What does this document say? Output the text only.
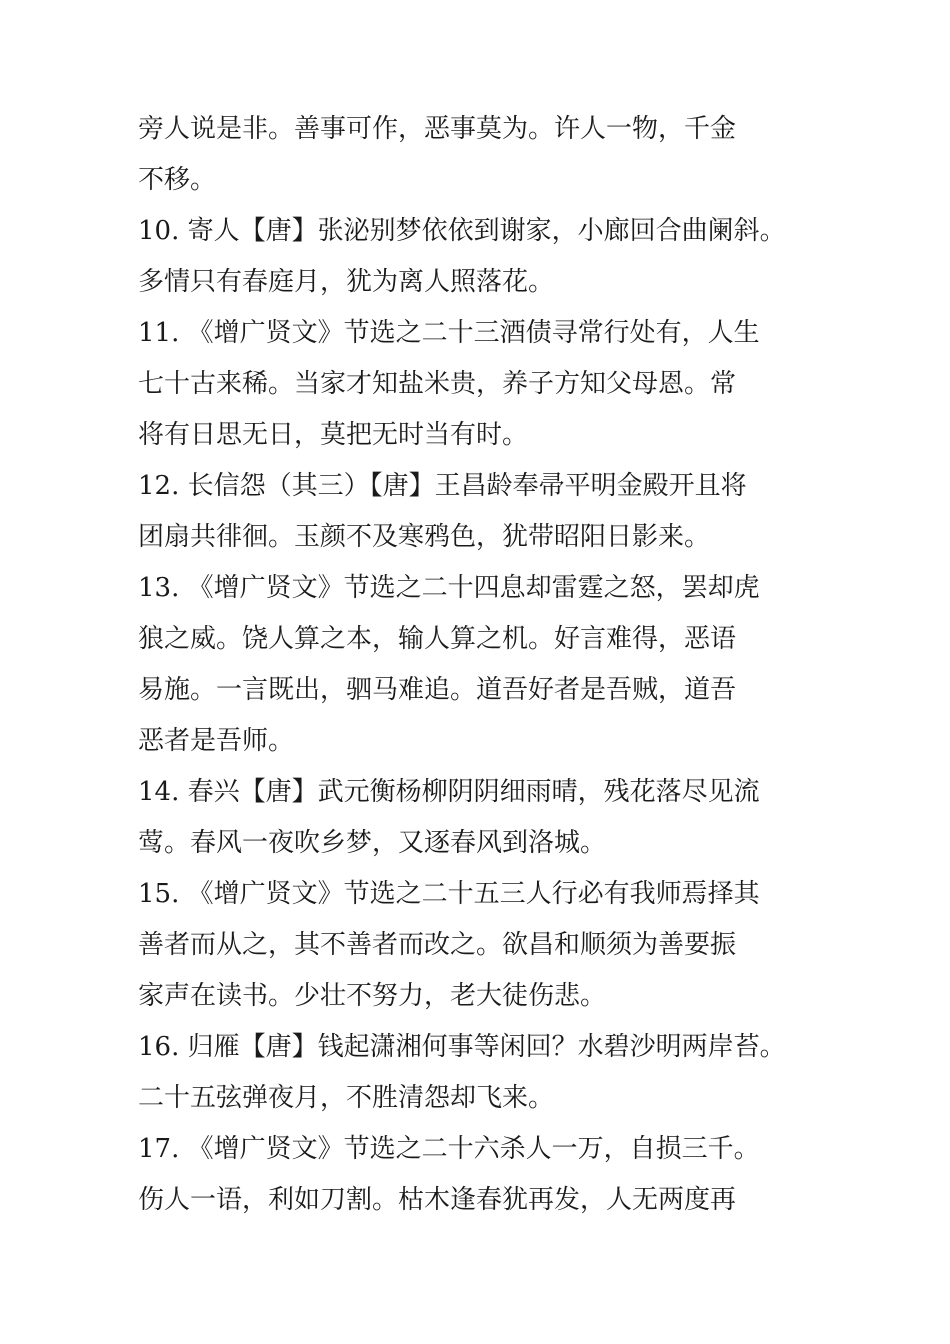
旁人说是非。善事可作，恶事莫为。许人一物，千金
不移。
10. 寄人【唐】张泌别梦依依到谢家，小廊回合曲阑斜。
多情只有春庭月，犹为离人照落花。
11. 《增广贤文》节选之二十三酒债寻常行处有，人生
七十古来稀。当家才知盐米贵，养子方知父母恩。常
将有日思无日，莫把无时当有时。
12. 长信怨（其三）【唐】王昌龄奉帚平明金殿开且将
团扇共徘徊。玉颜不及寒鸦色，犹带昭阳日影来。
13. 《增广贤文》节选之二十四息却雷霆之怒，罢却虎
狼之威。饶人算之本，输人算之机。好言难得，恶语
易施。一言既出，驷马难追。道吾好者是吾贼，道吾
恶者是吾师。
14. 春兴【唐】武元衡杨柳阴阴细雨晴，残花落尽见流
莺。春风一夜吹乡梦，又逐春风到洛城。
15. 《增广贤文》节选之二十五三人行必有我师焉择其
善者而从之，其不善者而改之。欲昌和顺须为善要振
家声在读书。少壮不努力，老大徒伤悲。
16. 归雁【唐】钱起潇湘何事等闲回？水碧沙明两岸苔。
二十五弦弹夜月，不胜清怨却飞来。
17. 《增广贤文》节选之二十六杀人一万，自损三千。
伤人一语，利如刀割。枯木逢春犹再发，人无两度再
